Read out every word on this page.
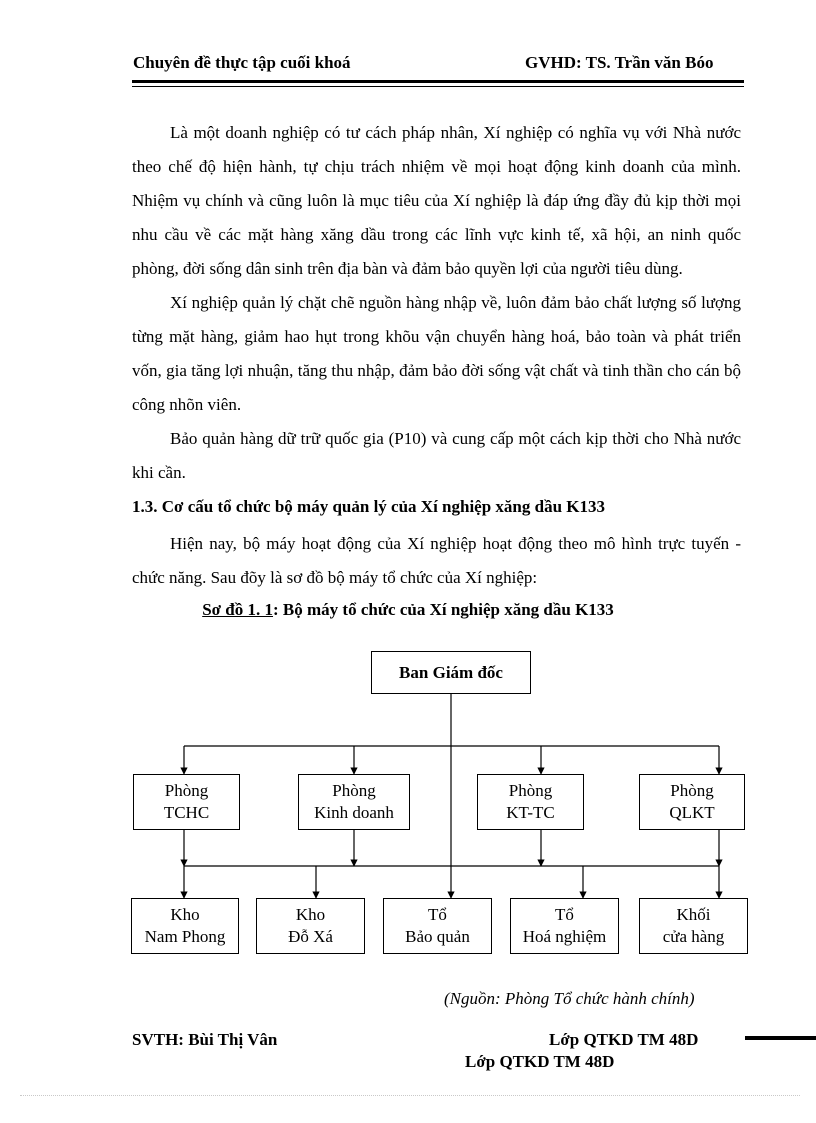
Chuyên đề thực tập cuối khoá	GVHD: TS. Trần văn Bóo

Là một doanh nghiệp có tư cách pháp nhân, Xí nghiệp có nghĩa vụ với Nhà nước theo chế độ hiện hành, tự chịu trách nhiệm về mọi hoạt động kinh doanh của mình. Nhiệm vụ chính và cũng luôn là mục tiêu của Xí nghiệp là đáp ứng đầy đủ kịp thời mọi nhu cầu về các mặt hàng xăng dầu trong các lĩnh vực kinh tế, xã hội, an ninh quốc phòng, đời sống dân sinh trên địa bàn và đảm bảo quyền lợi của người tiêu dùng.

Xí nghiệp quản lý chặt chẽ nguồn hàng nhập về, luôn đảm bảo chất lượng số lượng từng mặt hàng, giảm hao hụt trong khõu vận chuyển hàng hoá, bảo toàn và phát triển vốn, gia tăng lợi nhuận, tăng thu nhập, đảm bảo đời sống vật chất và tinh thần cho cán bộ công nhõn viên.

Bảo quản hàng dữ trữ quốc gia (P10) và cung cấp một cách kịp thời cho Nhà nước khi cần.

1.3. Cơ cấu tổ chức bộ máy quản lý của Xí nghiệp xăng dầu K133

Hiện nay, bộ máy hoạt động của Xí nghiệp hoạt động theo mô hình trực tuyến - chức năng. Sau đõy là sơ đồ bộ máy tổ chức của Xí nghiệp:

Sơ đồ 1. 1: Bộ máy tổ chức của Xí nghiệp xăng dầu K133
Ban Giám đốc
Phòng
TCHC
Phòng
Kinh doanh
Phòng
KT-TC
Phòng
QLKT
Kho
Nam Phong
Kho
Đỗ Xá
Tổ
Bảo quản
Tổ
Hoá nghiệm
Khối
cửa hàng
(Nguồn: Phòng Tổ chức hành chính)
SVTH: Bùi Thị Vân	Lớp QTKD TM 48D
Lớp QTKD TM 48D
